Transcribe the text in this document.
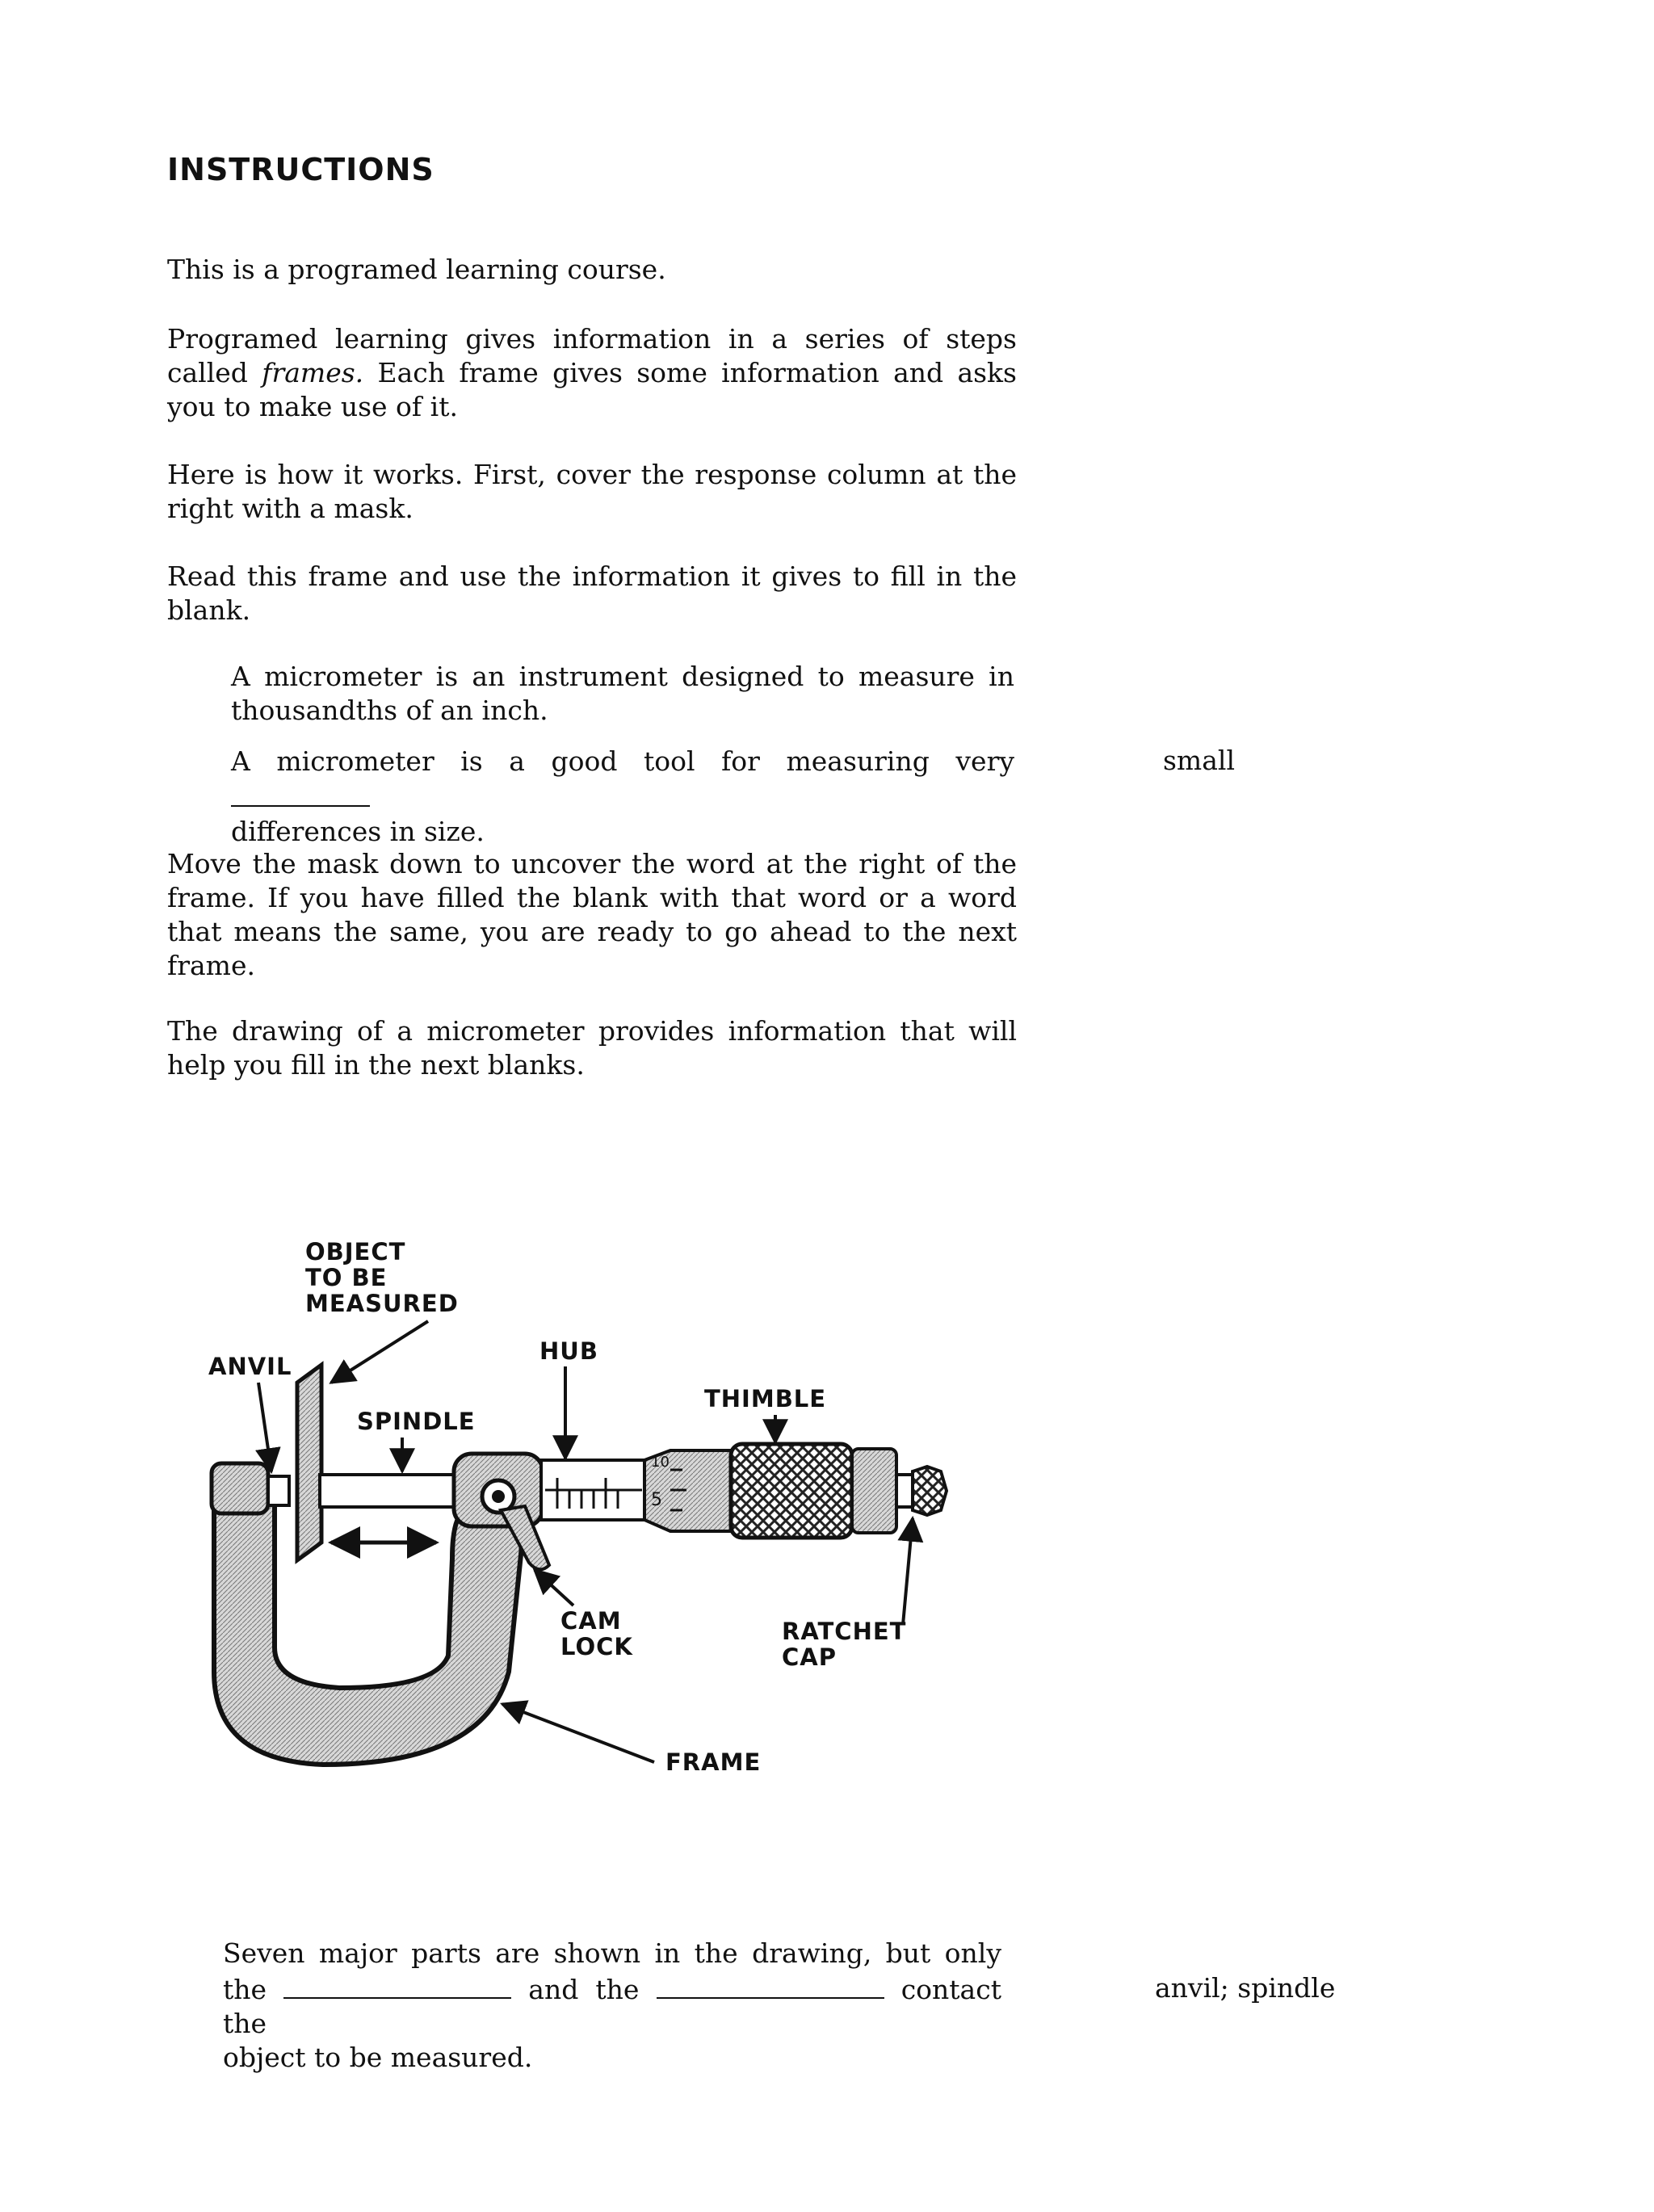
INSTRUCTIONS
This is a programed learning course.
Programed learning gives information in a series of steps
called frames. Each frame gives some information and asks
you to make use of it.
Here is how it works. First, cover the response column at the
right with a mask.
Read this frame and use the information it gives to fill in the
blank.
A micrometer is an instrument designed to measure in
thousandths of an inch.
A micrometer is a good tool for measuring very
differences in size.
small
Move the mask down to uncover the word at the right of the
frame. If you have filled the blank with that word or a word
that means the same, you are ready to go ahead to the next
frame.
The drawing of a micrometer provides information that will
help you fill in the next blanks.
10
5
OBJECT
TO BE
MEASURED
ANVIL
SPINDLE
HUB
THIMBLE
CAM
LOCK
RATCHET
CAP
FRAME
Seven major parts are shown in the drawing, but only
the	and the	contact the
object to be measured.
anvil; spindle
